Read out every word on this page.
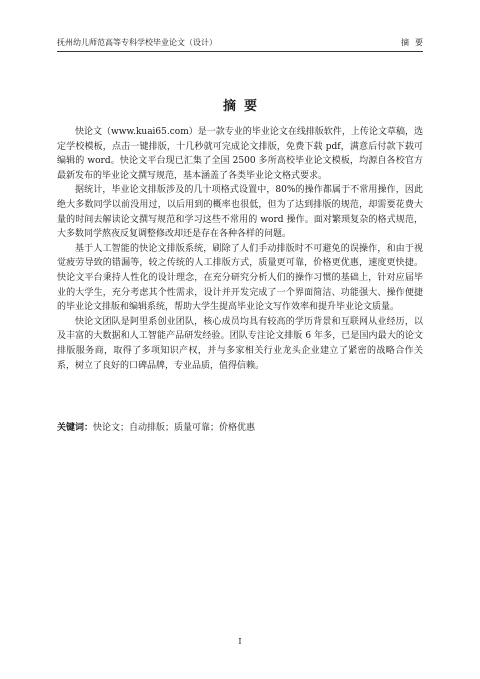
抚州幼儿师范高等专科学校毕业论文（设计）	摘要
摘要

快论文（www.kuai65.com）是一款专业的毕业论文在线排版软件，上传论文草稿，选定学校模板，点击一键排版，十几秒就可完成论文排版，免费下载 pdf，满意后付款下载可编辑的 word。快论文平台现已汇集了全国 2500 多所高校毕业论文模板，均源自各校官方最新发布的毕业论文撰写规范，基本涵盖了各类毕业论文格式要求。

据统计，毕业论文排版涉及的几十项格式设置中，80%的操作都属于不常用操作，因此绝大多数同学以前没用过，以后用到的概率也很低，但为了达到排版的规范，却需要花费大量的时间去解读论文撰写规范和学习这些不常用的 word 操作。面对繁琐复杂的格式规范，大多数同学熬夜反复调整修改却还是存在各种各样的问题。

基于人工智能的快论文排版系统，刷除了人们手动排版时不可避免的误操作，和由于视觉疲劳导致的错漏等，较之传统的人工排版方式，质量更可靠，价格更优惠，速度更快捷。快论文平台秉持人性化的设计理念，在充分研究分析人们的操作习惯的基础上，针对应届毕业的大学生，充分考虑其个性需求，设计并开发完成了一个界面简洁、功能强大、操作便捷的毕业论文排版和编辑系统，帮助大学生提高毕业论文写作效率和提升毕业论文质量。

快论文团队是阿里系创业团队，核心成员均具有较高的学历背景和互联网从业经历，以及丰富的大数据和人工智能产品研发经验。团队专注论文排版 6 年多，已是国内最大的论文排版服务商，取得了多项知识产权，并与多家相关行业龙头企业建立了紧密的战略合作关系，树立了良好的口碑品牌，专业品质，值得信赖。

关键词：快论文；自动排版；质量可靠；价格优惠
I
